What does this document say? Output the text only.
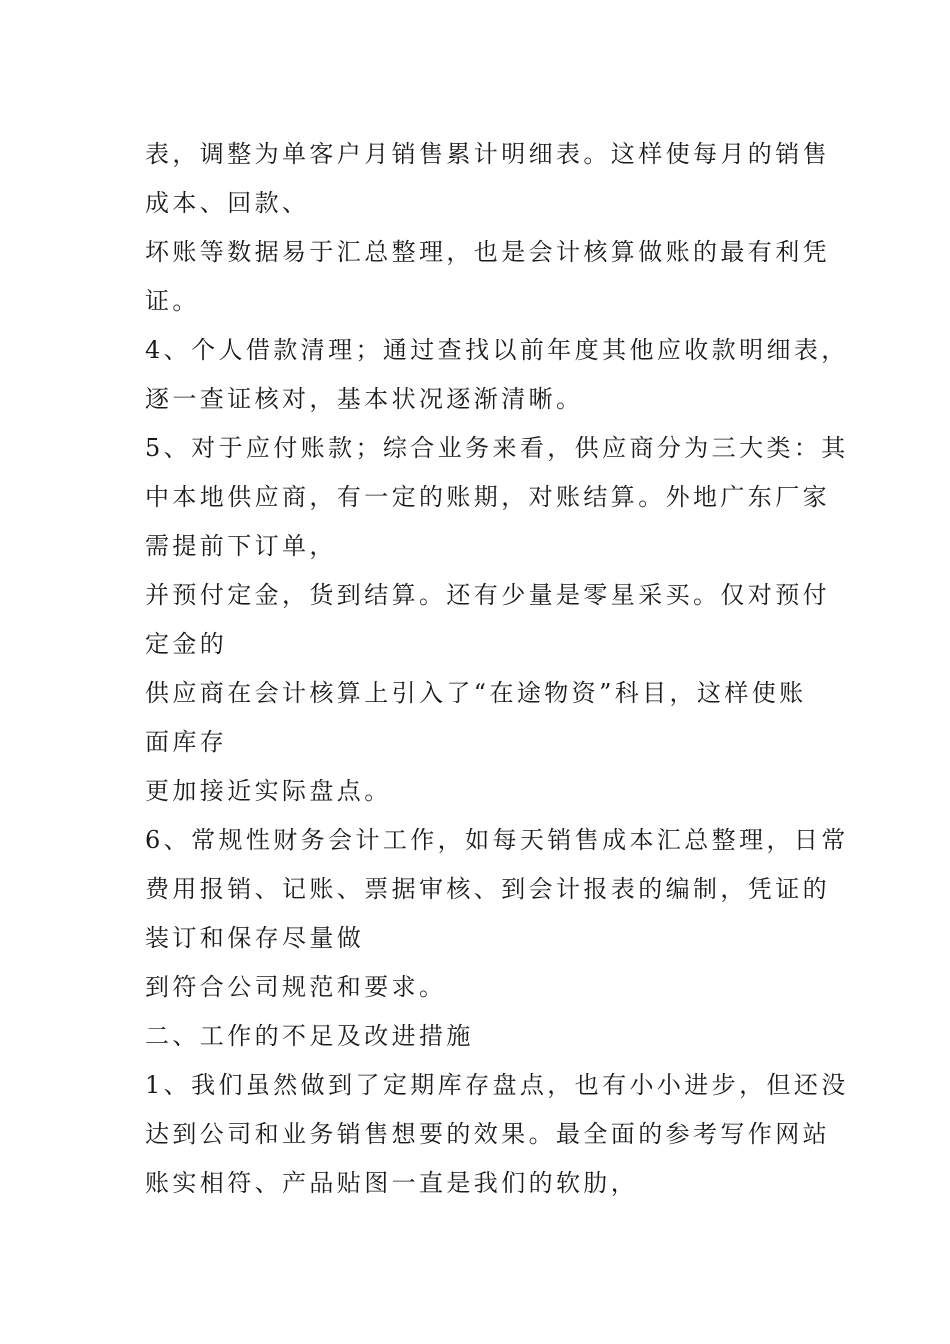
表，调整为单客户月销售累计明细表。这样使每月的销售
成本、回款、
坏账等数据易于汇总整理，也是会计核算做账的最有利凭
证。
4、个人借款清理；通过查找以前年度其他应收款明细表，
逐一查证核对，基本状况逐渐清晰。
5、对于应付账款；综合业务来看，供应商分为三大类：其
中本地供应商，有一定的账期，对账结算。外地广东厂家
需提前下订单，
并预付定金，货到结算。还有少量是零星采买。仅对预付
定金的
供应商在会计核算上引入了“在途物资”科目，这样使账
面库存
更加接近实际盘点。
6、常规性财务会计工作，如每天销售成本汇总整理，日常
费用报销、记账、票据审核、到会计报表的编制，凭证的
装订和保存尽量做
到符合公司规范和要求。
二、工作的不足及改进措施
1、我们虽然做到了定期库存盘点，也有小小进步，但还没
达到公司和业务销售想要的效果。最全面的参考写作网站
账实相符、产品贴图一直是我们的软肋，
